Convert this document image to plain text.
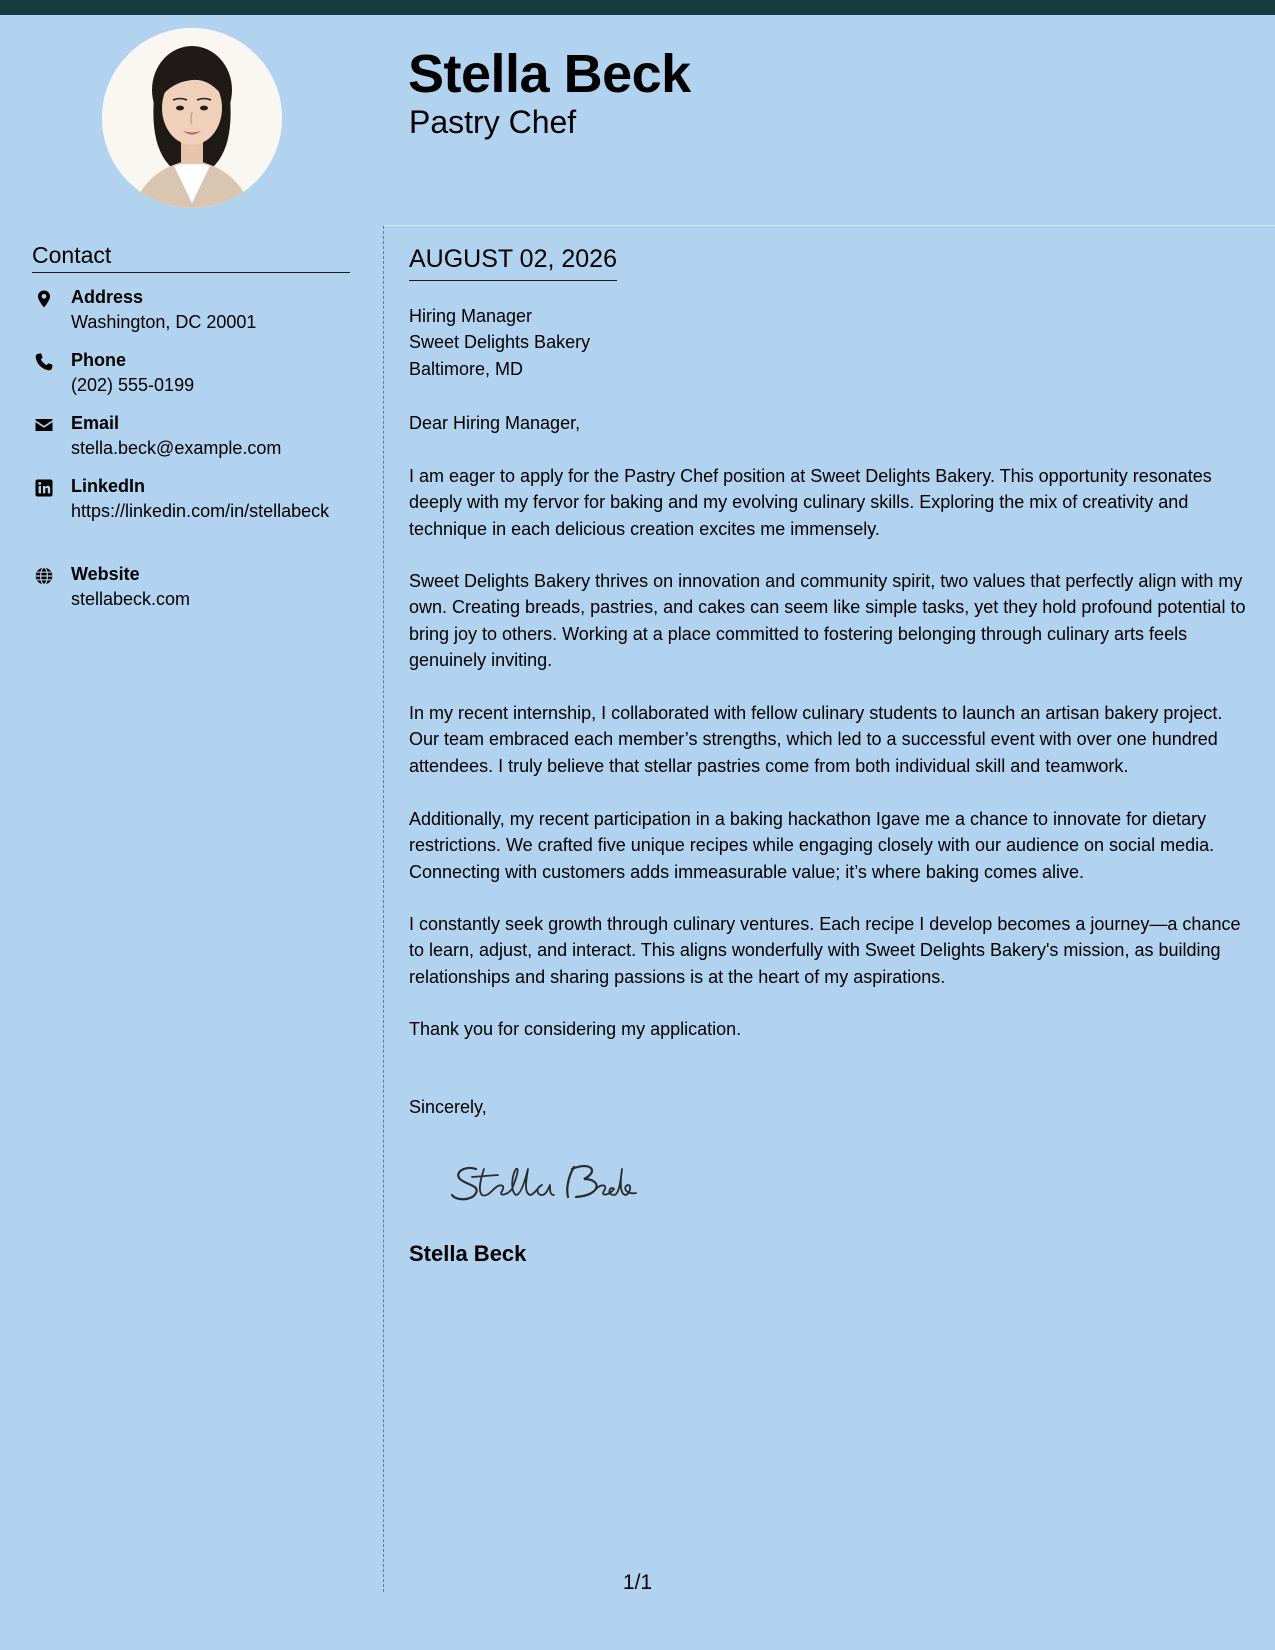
Stella Beck
Pastry Chef
Contact
Address
Washington, DC 20001
Phone
(202) 555-0199
Email
stella.beck@example.com
LinkedIn
https://linkedin.com/in/stellabeck
Website
stellabeck.com
AUGUST 02, 2026
Hiring Manager
Sweet Delights Bakery
Baltimore, MD
Dear Hiring Manager,

I am eager to apply for the Pastry Chef position at Sweet Delights Bakery. This opportunity resonates deeply with my fervor for baking and my evolving culinary skills. Exploring the mix of creativity and technique in each delicious creation excites me immensely.

Sweet Delights Bakery thrives on innovation and community spirit, two values that perfectly align with my own. Creating breads, pastries, and cakes can seem like simple tasks, yet they hold profound potential to bring joy to others. Working at a place committed to fostering belonging through culinary arts feels genuinely inviting.

In my recent internship, I collaborated with fellow culinary students to launch an artisan bakery project. Our team embraced each member’s strengths, which led to a successful event with over one hundred attendees. I truly believe that stellar pastries come from both individual skill and teamwork.

Additionally, my recent participation in a baking hackathon Igave me a chance to innovate for dietary restrictions. We crafted five unique recipes while engaging closely with our audience on social media. Connecting with customers adds immeasurable value; it’s where baking comes alive.

I constantly seek growth through culinary ventures. Each recipe I develop becomes a journey—a chance to learn, adjust, and interact. This aligns wonderfully with Sweet Delights Bakery's mission, as building relationships and sharing passions is at the heart of my aspirations.

Thank you for considering my application.

Sincerely,
Stella Beck
1/1
